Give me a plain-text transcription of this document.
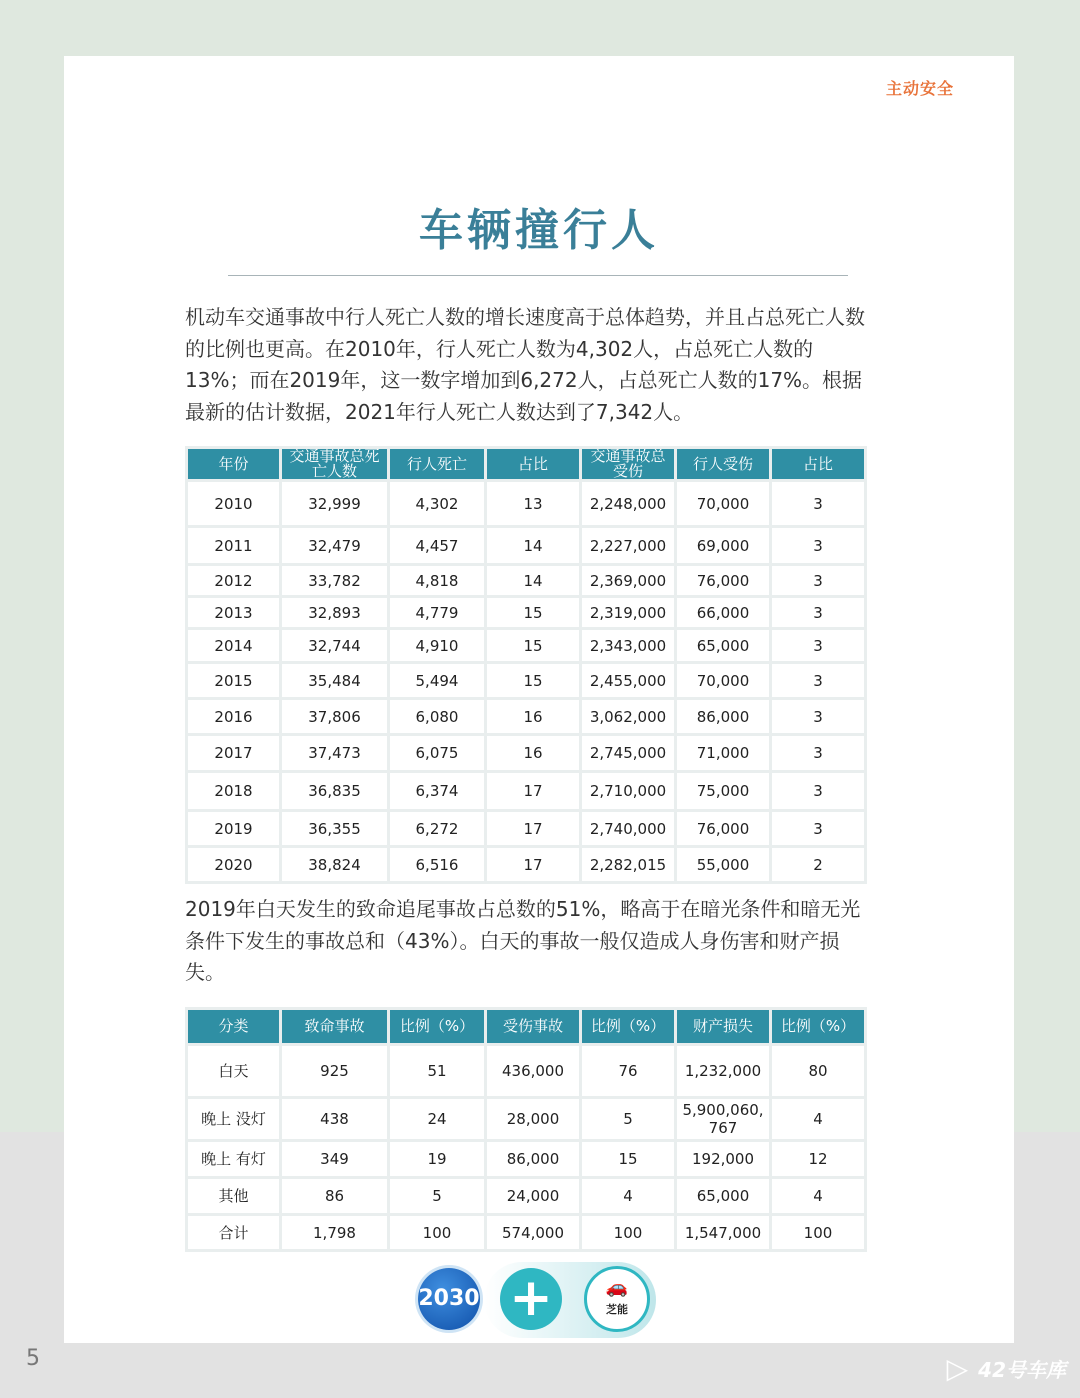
主动安全
车辆撞行人
机动车交通事故中行人死亡人数的增长速度高于总体趋势，并且占总死亡人数的比例也更高。在2010年，行人死亡人数为4,302人，占总死亡人数的13%；而在2019年，这一数字增加到6,272人，占总死亡人数的17%。根据最新的估计数据，2021年行人死亡人数达到了7,342人。
年份	交通事故总死亡人数	行人死亡	占比	交通事故总受伤	行人受伤	占比
2010	32,999	4,302	13	2,248,000	70,000	3
2011	32,479	4,457	14	2,227,000	69,000	3
2012	33,782	4,818	14	2,369,000	76,000	3
2013	32,893	4,779	15	2,319,000	66,000	3
2014	32,744	4,910	15	2,343,000	65,000	3
2015	35,484	5,494	15	2,455,000	70,000	3
2016	37,806	6,080	16	3,062,000	86,000	3
2017	37,473	6,075	16	2,745,000	71,000	3
2018	36,835	6,374	17	2,710,000	75,000	3
2019	36,355	6,272	17	2,740,000	76,000	3
2020	38,824	6,516	17	2,282,015	55,000	2
2019年白天发生的致命追尾事故占总数的51%，略高于在暗光条件和暗无光条件下发生的事故总和（43%）。白天的事故一般仅造成人身伤害和财产损失。
分类	致命事故	比例（%）	受伤事故	比例（%）	财产损失	比例（%）
白天	925	51	436,000	76	1,232,000	80
晚上 没灯	438	24	28,000	5	5,900,060,767	4
晚上 有灯	349	19	86,000	15	192,000	12
其他	86	5	24,000	4	65,000	4
合计	1,798	100	574,000	100	1,547,000	100
2030 +	🚗
芝能
5	▷ 42号车库
